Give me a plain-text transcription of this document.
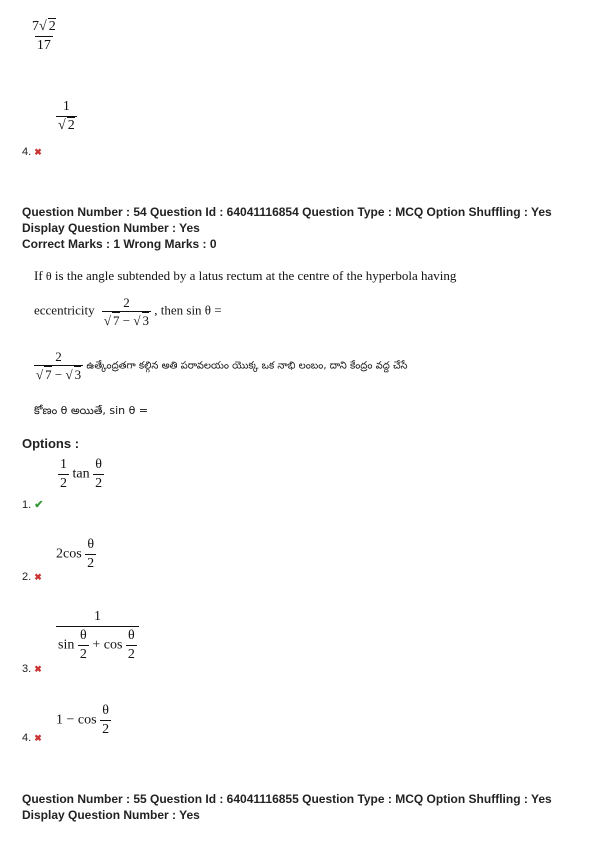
$\frac{7√ 2}{17}$
$\frac{1}{√ 2}$
4. ✖
Question Number : 54 Question Id : 64041116854 Question Type : MCQ Option Shuffling : Yes
Display Question Number : Yes
Correct Marks : 1 Wrong Marks : 0
If θ is the angle subtended by a latus rectum at the centre of the hyperbola having
eccentricity $\frac{2}{√ 7 - √ 3}$ , then sin θ =
$\frac{2}{√ 7 - √ 3}$ ఉత్కేంద్రతగా కల్గిన అతి పరావలయం యొక్క ఒక నాభి లంబం, దాని కేంద్రం వద్ద చేసే
కోణం θ అయితే, sin θ =
Options :
$\frac{1}{2}$ $\tan \frac{\theta}{2}$
1. ✔
$2\cos \frac{\theta}{2}$
2. ✖
$\frac{1}{\sin \frac{\theta}{2} + \cos \frac{\theta}{2}}$
3. ✖
$1 - \cos \frac{\theta}{2}$
4. ✖
Question Number : 55 Question Id : 64041116855 Question Type : MCQ Option Shuffling : Yes
Display Question Number : Yes
